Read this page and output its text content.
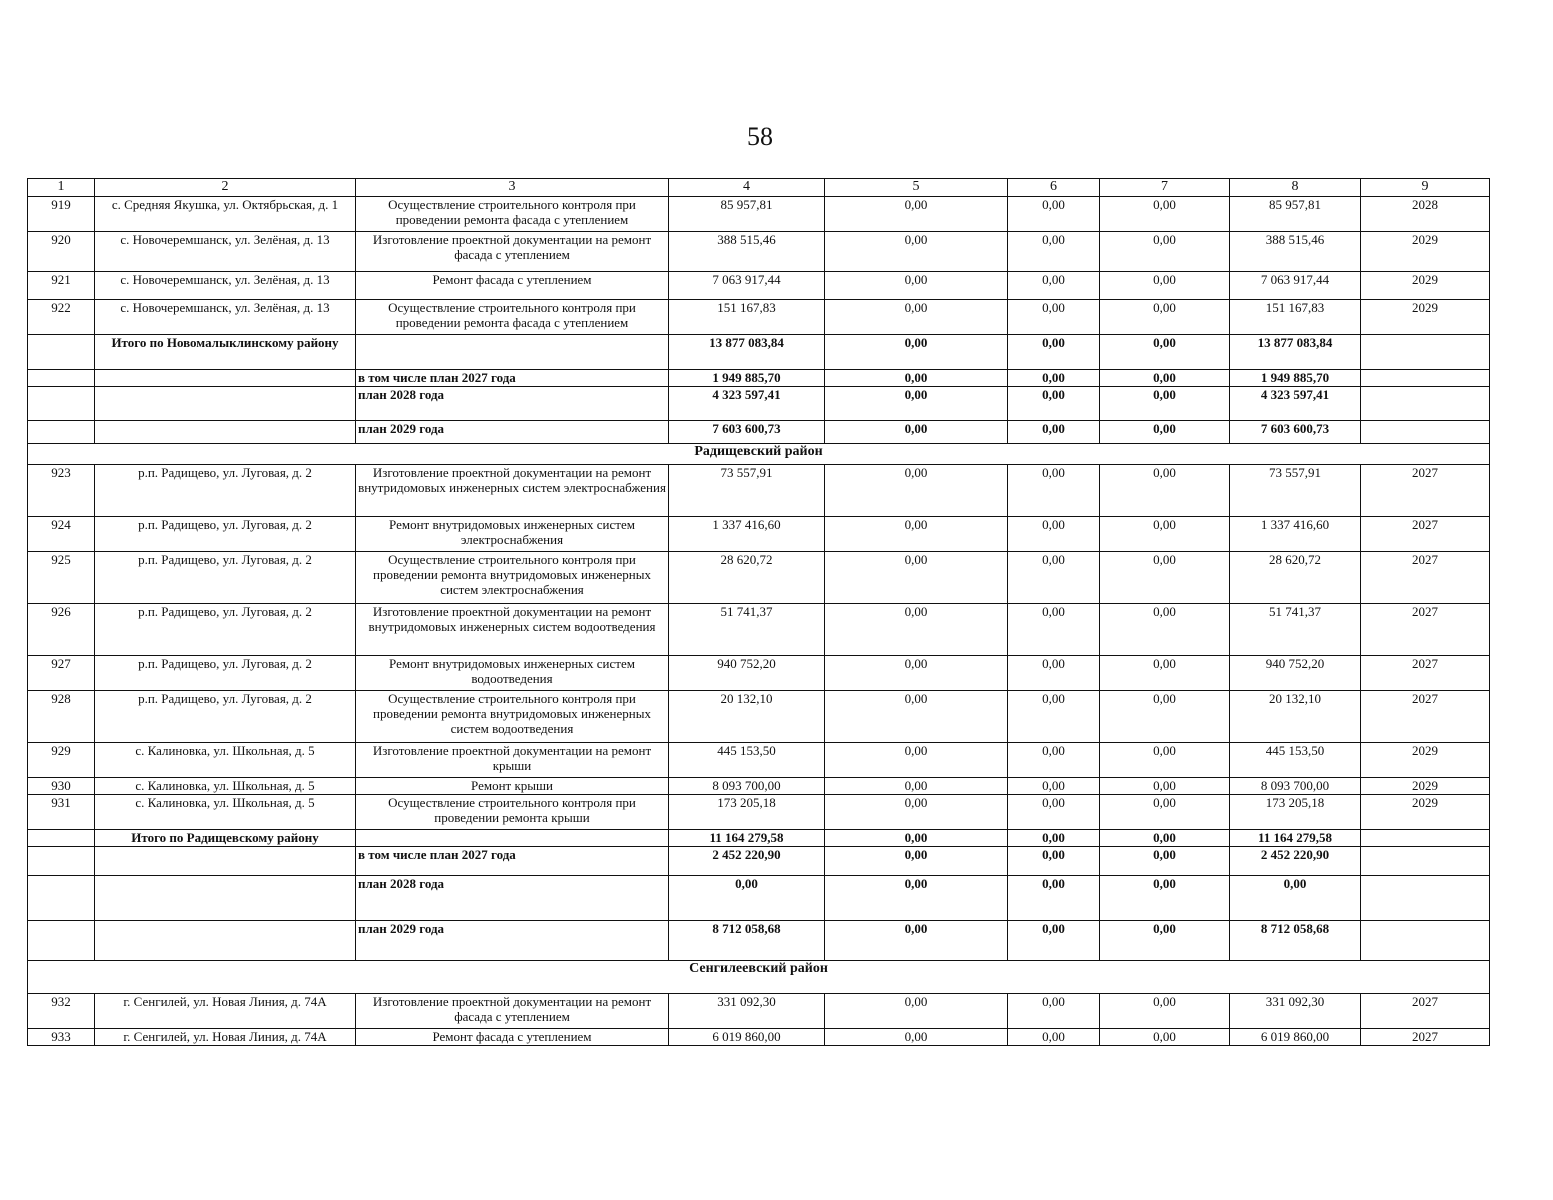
58
1	2	3	4	5	6	7	8	9
919	с. Средняя Якушка, ул. Октябрьская, д. 1	Осуществление строительного контроля при проведении ремонта фасада с утеплением	85 957,81	0,00	0,00	0,00	85 957,81	2028
920	с. Новочеремшанск, ул. Зелёная, д. 13	Изготовление проектной документации на ремонт фасада с утеплением	388 515,46	0,00	0,00	0,00	388 515,46	2029
921	с. Новочеремшанск, ул. Зелёная, д. 13	Ремонт фасада с утеплением	7 063 917,44	0,00	0,00	0,00	7 063 917,44	2029
922	с. Новочеремшанск, ул. Зелёная, д. 13	Осуществление строительного контроля при проведении ремонта фасада с утеплением	151 167,83	0,00	0,00	0,00	151 167,83	2029
	Итого по Новомалыклинскому району		13 877 083,84	0,00	0,00	0,00	13 877 083,84	
		в том числе план 2027 года	1 949 885,70	0,00	0,00	0,00	1 949 885,70	
		план 2028 года	4 323 597,41	0,00	0,00	0,00	4 323 597,41	
		план 2029 года	7 603 600,73	0,00	0,00	0,00	7 603 600,73	
Радищевский район								
923	р.п. Радищево, ул. Луговая, д. 2	Изготовление проектной документации на ремонт внутридомовых инженерных систем электроснабжения	73 557,91	0,00	0,00	0,00	73 557,91	2027
924	р.п. Радищево, ул. Луговая, д. 2	Ремонт внутридомовых инженерных систем электроснабжения	1 337 416,60	0,00	0,00	0,00	1 337 416,60	2027
925	р.п. Радищево, ул. Луговая, д. 2	Осуществление строительного контроля при проведении ремонта внутридомовых инженерных систем электроснабжения	28 620,72	0,00	0,00	0,00	28 620,72	2027
926	р.п. Радищево, ул. Луговая, д. 2	Изготовление проектной документации на ремонт внутридомовых инженерных систем водоотведения	51 741,37	0,00	0,00	0,00	51 741,37	2027
927	р.п. Радищево, ул. Луговая, д. 2	Ремонт внутридомовых инженерных систем водоотведения	940 752,20	0,00	0,00	0,00	940 752,20	2027
928	р.п. Радищево, ул. Луговая, д. 2	Осуществление строительного контроля при проведении ремонта внутридомовых инженерных систем водоотведения	20 132,10	0,00	0,00	0,00	20 132,10	2027
929	с. Калиновка, ул. Школьная, д. 5	Изготовление проектной документации на ремонт крыши	445 153,50	0,00	0,00	0,00	445 153,50	2029
930	с. Калиновка, ул. Школьная, д. 5	Ремонт крыши	8 093 700,00	0,00	0,00	0,00	8 093 700,00	2029
931	с. Калиновка, ул. Школьная, д. 5	Осуществление строительного контроля при проведении ремонта крыши	173 205,18	0,00	0,00	0,00	173 205,18	2029
	Итого по Радищевскому району		11 164 279,58	0,00	0,00	0,00	11 164 279,58	
		в том числе план 2027 года	2 452 220,90	0,00	0,00	0,00	2 452 220,90	
		план 2028 года	0,00	0,00	0,00	0,00	0,00	
		план 2029 года	8 712 058,68	0,00	0,00	0,00	8 712 058,68	
Сенгилеевский район								
932	г. Сенгилей, ул. Новая Линия, д. 74А	Изготовление проектной документации на ремонт фасада с утеплением	331 092,30	0,00	0,00	0,00	331 092,30	2027
933	г. Сенгилей, ул. Новая Линия, д. 74А	Ремонт фасада с утеплением	6 019 860,00	0,00	0,00	0,00	6 019 860,00	2027
